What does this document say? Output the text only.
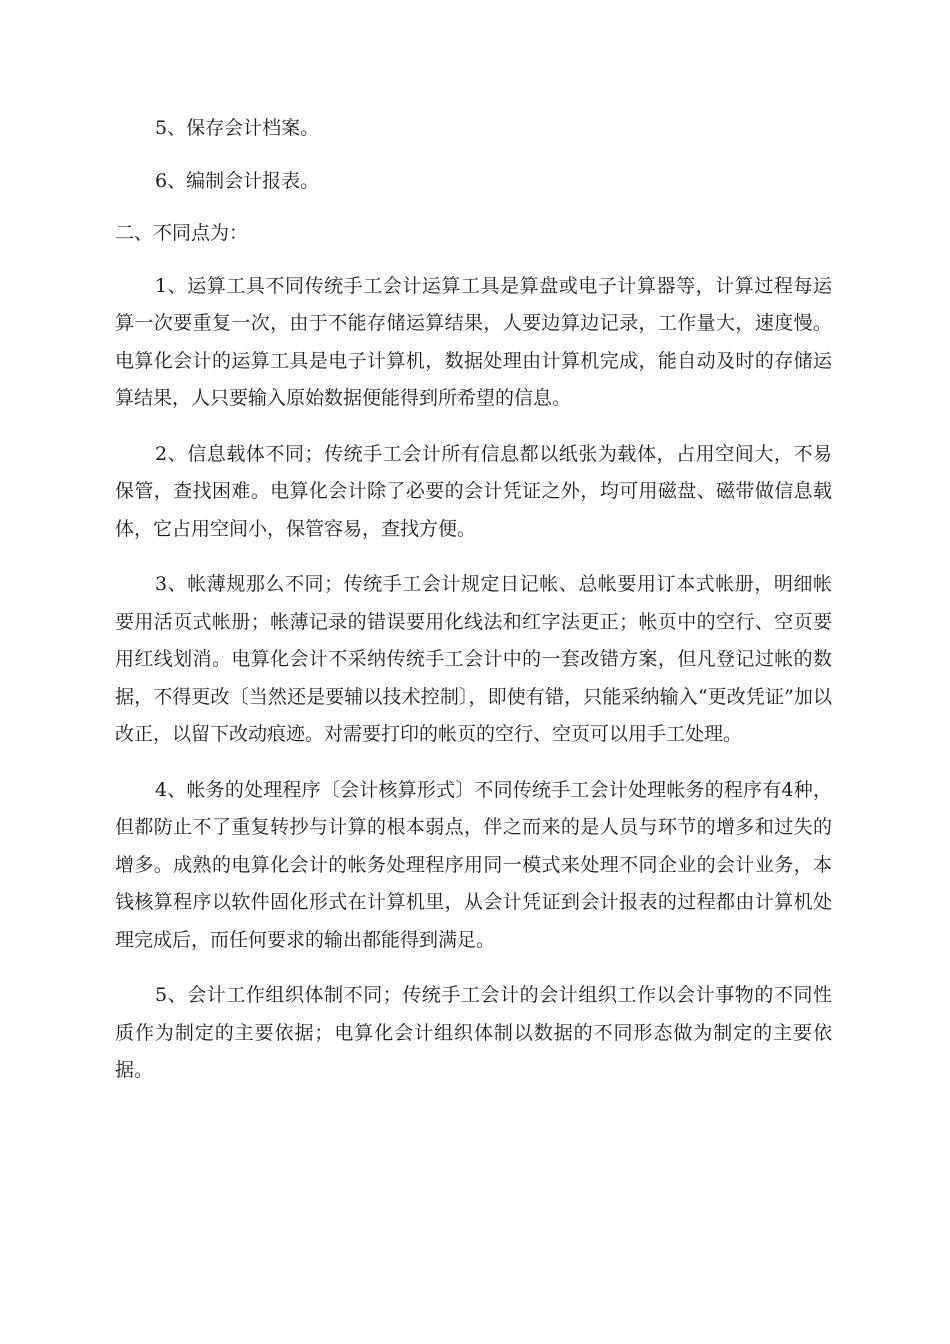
5、保存会计档案。

6、编制会计报表。

二、不同点为：

1、运算工具不同传统手工会计运算工具是算盘或电子计算器等，计算过程每运算一次要重复一次，由于不能存储运算结果，人要边算边记录，工作量大，速度慢。电算化会计的运算工具是电子计算机，数据处理由计算机完成，能自动及时的存储运算结果，人只要输入原始数据便能得到所希望的信息。

2、信息载体不同；传统手工会计所有信息都以纸张为载体，占用空间大，不易保管，查找困难。电算化会计除了必要的会计凭证之外，均可用磁盘、磁带做信息载体，它占用空间小，保管容易，查找方便。

3、帐薄规那么不同；传统手工会计规定日记帐、总帐要用订本式帐册，明细帐要用活页式帐册；帐薄记录的错误要用化线法和红字法更正；帐页中的空行、空页要用红线划消。电算化会计不采纳传统手工会计中的一套改错方案，但凡登记过帐的数据，不得更改〔当然还是要辅以技术控制〕，即使有错，只能采纳输入“更改凭证”加以改正，以留下改动痕迹。对需要打印的帐页的空行、空页可以用手工处理。

4、帐务的处理程序〔会计核算形式〕不同传统手工会计处理帐务的程序有4种，但都防止不了重复转抄与计算的根本弱点，伴之而来的是人员与环节的增多和过失的增多。成熟的电算化会计的帐务处理程序用同一模式来处理不同企业的会计业务，本钱核算程序以软件固化形式在计算机里，从会计凭证到会计报表的过程都由计算机处理完成后，而任何要求的输出都能得到满足。

5、会计工作组织体制不同；传统手工会计的会计组织工作以会计事物的不同性质作为制定的主要依据；电算化会计组织体制以数据的不同形态做为制定的主要依据。
